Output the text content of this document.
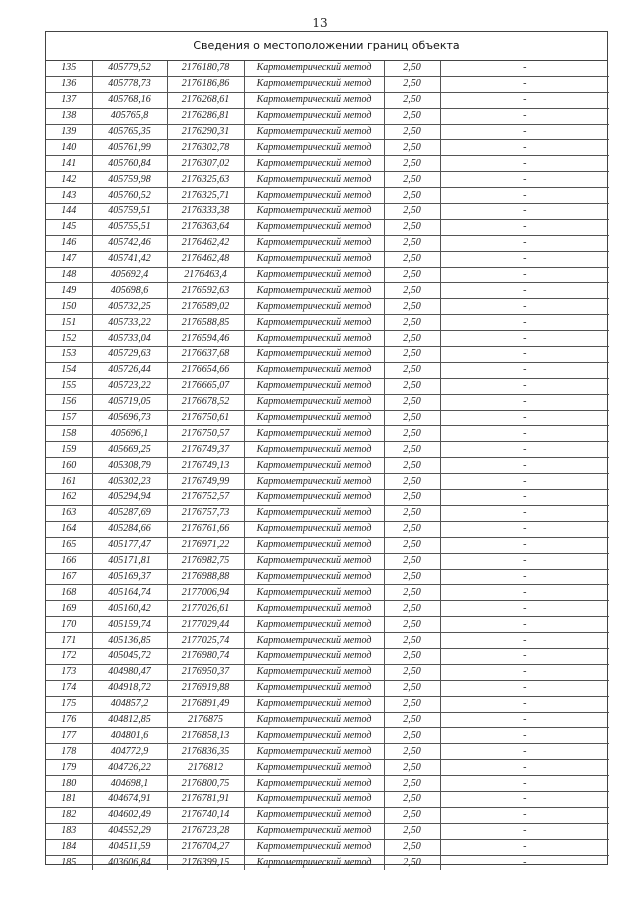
13
Сведения о местоположении границ объекта
135	405779,52	2176180,78	Картометрический метод	2,50	-
136	405778,73	2176186,86	Картометрический метод	2,50	-
137	405768,16	2176268,61	Картометрический метод	2,50	-
138	405765,8	2176286,81	Картометрический метод	2,50	-
139	405765,35	2176290,31	Картометрический метод	2,50	-
140	405761,99	2176302,78	Картометрический метод	2,50	-
141	405760,84	2176307,02	Картометрический метод	2,50	-
142	405759,98	2176325,63	Картометрический метод	2,50	-
143	405760,52	2176325,71	Картометрический метод	2,50	-
144	405759,51	2176333,38	Картометрический метод	2,50	-
145	405755,51	2176363,64	Картометрический метод	2,50	-
146	405742,46	2176462,42	Картометрический метод	2,50	-
147	405741,42	2176462,48	Картометрический метод	2,50	-
148	405692,4	2176463,4	Картометрический метод	2,50	-
149	405698,6	2176592,63	Картометрический метод	2,50	-
150	405732,25	2176589,02	Картометрический метод	2,50	-
151	405733,22	2176588,85	Картометрический метод	2,50	-
152	405733,04	2176594,46	Картометрический метод	2,50	-
153	405729,63	2176637,68	Картометрический метод	2,50	-
154	405726,44	2176654,66	Картометрический метод	2,50	-
155	405723,22	2176665,07	Картометрический метод	2,50	-
156	405719,05	2176678,52	Картометрический метод	2,50	-
157	405696,73	2176750,61	Картометрический метод	2,50	-
158	405696,1	2176750,57	Картометрический метод	2,50	-
159	405669,25	2176749,37	Картометрический метод	2,50	-
160	405308,79	2176749,13	Картометрический метод	2,50	-
161	405302,23	2176749,99	Картометрический метод	2,50	-
162	405294,94	2176752,57	Картометрический метод	2,50	-
163	405287,69	2176757,73	Картометрический метод	2,50	-
164	405284,66	2176761,66	Картометрический метод	2,50	-
165	405177,47	2176971,22	Картометрический метод	2,50	-
166	405171,81	2176982,75	Картометрический метод	2,50	-
167	405169,37	2176988,88	Картометрический метод	2,50	-
168	405164,74	2177006,94	Картометрический метод	2,50	-
169	405160,42	2177026,61	Картометрический метод	2,50	-
170	405159,74	2177029,44	Картометрический метод	2,50	-
171	405136,85	2177025,74	Картометрический метод	2,50	-
172	405045,72	2176980,74	Картометрический метод	2,50	-
173	404980,47	2176950,37	Картометрический метод	2,50	-
174	404918,72	2176919,88	Картометрический метод	2,50	-
175	404857,2	2176891,49	Картометрический метод	2,50	-
176	404812,85	2176875	Картометрический метод	2,50	-
177	404801,6	2176858,13	Картометрический метод	2,50	-
178	404772,9	2176836,35	Картометрический метод	2,50	-
179	404726,22	2176812	Картометрический метод	2,50	-
180	404698,1	2176800,75	Картометрический метод	2,50	-
181	404674,91	2176781,91	Картометрический метод	2,50	-
182	404602,49	2176740,14	Картометрический метод	2,50	-
183	404552,29	2176723,28	Картометрический метод	2,50	-
184	404511,59	2176704,27	Картометрический метод	2,50	-
185	403606,84	2176399,15	Картометрический метод	2,50	-
